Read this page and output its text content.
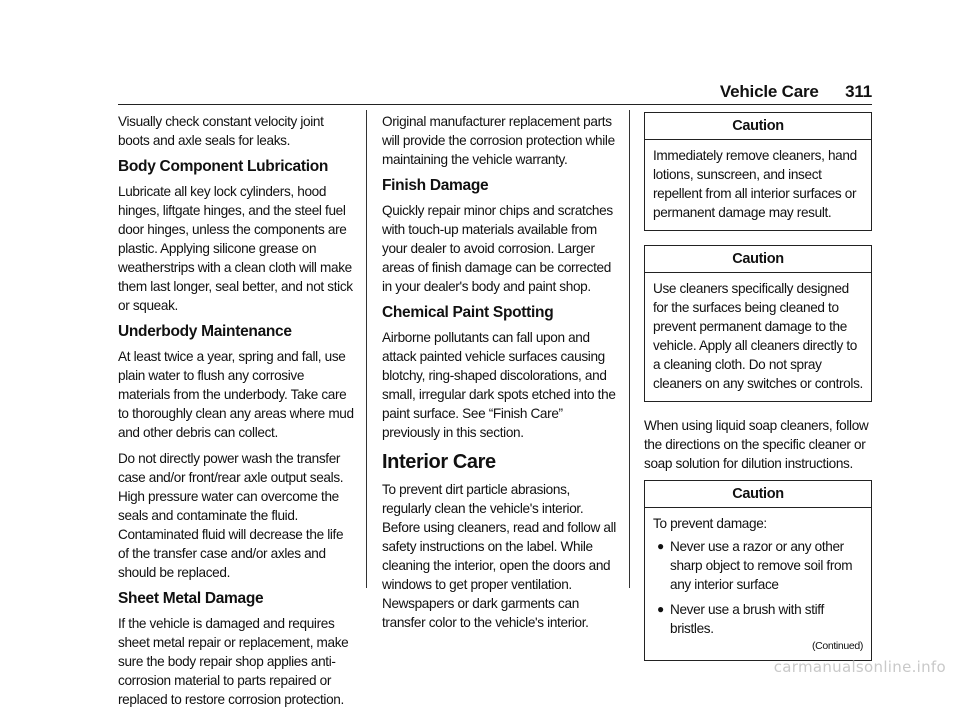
Vehicle Care 311

Visually check constant velocity joint boots and axle seals for leaks.

Body Component Lubrication

Lubricate all key lock cylinders, hood hinges, liftgate hinges, and the steel fuel door hinges, unless the components are plastic. Applying silicone grease on weatherstrips with a clean cloth will make them last longer, seal better, and not stick or squeak.

Underbody Maintenance

At least twice a year, spring and fall, use plain water to flush any corrosive materials from the underbody. Take care to thoroughly clean any areas where mud and other debris can collect.

Do not directly power wash the transfer case and/or front/rear axle output seals. High pressure water can overcome the seals and contaminate the fluid. Contaminated fluid will decrease the life of the transfer case and/or axles and should be replaced.

Sheet Metal Damage

If the vehicle is damaged and requires sheet metal repair or replacement, make sure the body repair shop applies anti-corrosion material to parts repaired or replaced to restore corrosion protection.

Original manufacturer replacement parts will provide the corrosion protection while maintaining the vehicle warranty.

Finish Damage

Quickly repair minor chips and scratches with touch-up materials available from your dealer to avoid corrosion. Larger areas of finish damage can be corrected in your dealer's body and paint shop.

Chemical Paint Spotting

Airborne pollutants can fall upon and attack painted vehicle surfaces causing blotchy, ring-shaped discolorations, and small, irregular dark spots etched into the paint surface. See “Finish Care” previously in this section.

Interior Care

To prevent dirt particle abrasions, regularly clean the vehicle's interior. Before using cleaners, read and follow all safety instructions on the label. While cleaning the interior, open the doors and windows to get proper ventilation. Newspapers or dark garments can transfer color to the vehicle's interior.

Caution
Immediately remove cleaners, hand lotions, sunscreen, and insect repellent from all interior surfaces or permanent damage may result.
Caution
Use cleaners specifically designed for the surfaces being cleaned to prevent permanent damage to the vehicle. Apply all cleaners directly to a cleaning cloth. Do not spray cleaners on any switches or controls.

When using liquid soap cleaners, follow the directions on the specific cleaner or soap solution for dilution instructions.

Caution
To prevent damage:
● Never use a razor or any other sharp object to remove soil from any interior surface
● Never use a brush with stiff bristles.
(Continued)
carmanualsonline.info
